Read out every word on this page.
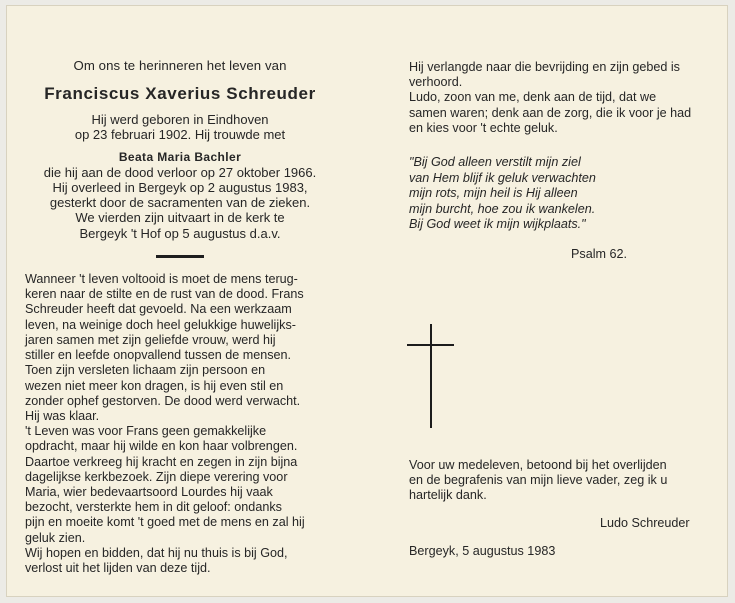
Om ons te herinneren het leven van
Franciscus Xaverius Schreuder
Hij werd geboren in Eindhoven
op 23 februari 1902. Hij trouwde met
Beata Maria Bachler
die hij aan de dood verloor op 27 oktober 1966.
Hij overleed in Bergeyk op 2 augustus 1983,
gesterkt door de sacramenten van de zieken.
We vierden zijn uitvaart in de kerk te
Bergeyk 't Hof op 5 augustus d.a.v.
Wanneer 't leven voltooid is moet de mens terug-
keren naar de stilte en de rust van de dood. Frans
Schreuder heeft dat gevoeld. Na een werkzaam
leven, na weinige doch heel gelukkige huwelijks-
jaren samen met zijn geliefde vrouw, werd hij
stiller en leefde onopvallend tussen de mensen.
Toen zijn versleten lichaam zijn persoon en
wezen niet meer kon dragen, is hij even stil en
zonder ophef gestorven. De dood werd verwacht.
Hij was klaar.
't Leven was voor Frans geen gemakkelijke
opdracht, maar hij wilde en kon haar volbrengen.
Daartoe verkreeg hij kracht en zegen in zijn bijna
dagelijkse kerkbezoek. Zijn diepe verering voor
Maria, wier bedevaartsoord Lourdes hij vaak
bezocht, versterkte hem in dit geloof: ondanks
pijn en moeite komt 't goed met de mens en zal hij
geluk zien.
Wij hopen en bidden, dat hij nu thuis is bij God,
verlost uit het lijden van deze tijd.
Hij verlangde naar die bevrijding en zijn gebed is
verhoord.
Ludo, zoon van me, denk aan de tijd, dat we
samen waren; denk aan de zorg, die ik voor je had
en kies voor 't echte geluk.
"Bij God alleen verstilt mijn ziel
van Hem blijf ik geluk verwachten
mijn rots, mijn heil is Hij alleen
mijn burcht, hoe zou ik wankelen.
Bij God weet ik mijn wijkplaats."
Psalm 62.
Voor uw medeleven, betoond bij het overlijden
en de begrafenis van mijn lieve vader, zeg ik u
hartelijk dank.
Ludo Schreuder
Bergeyk, 5 augustus 1983
